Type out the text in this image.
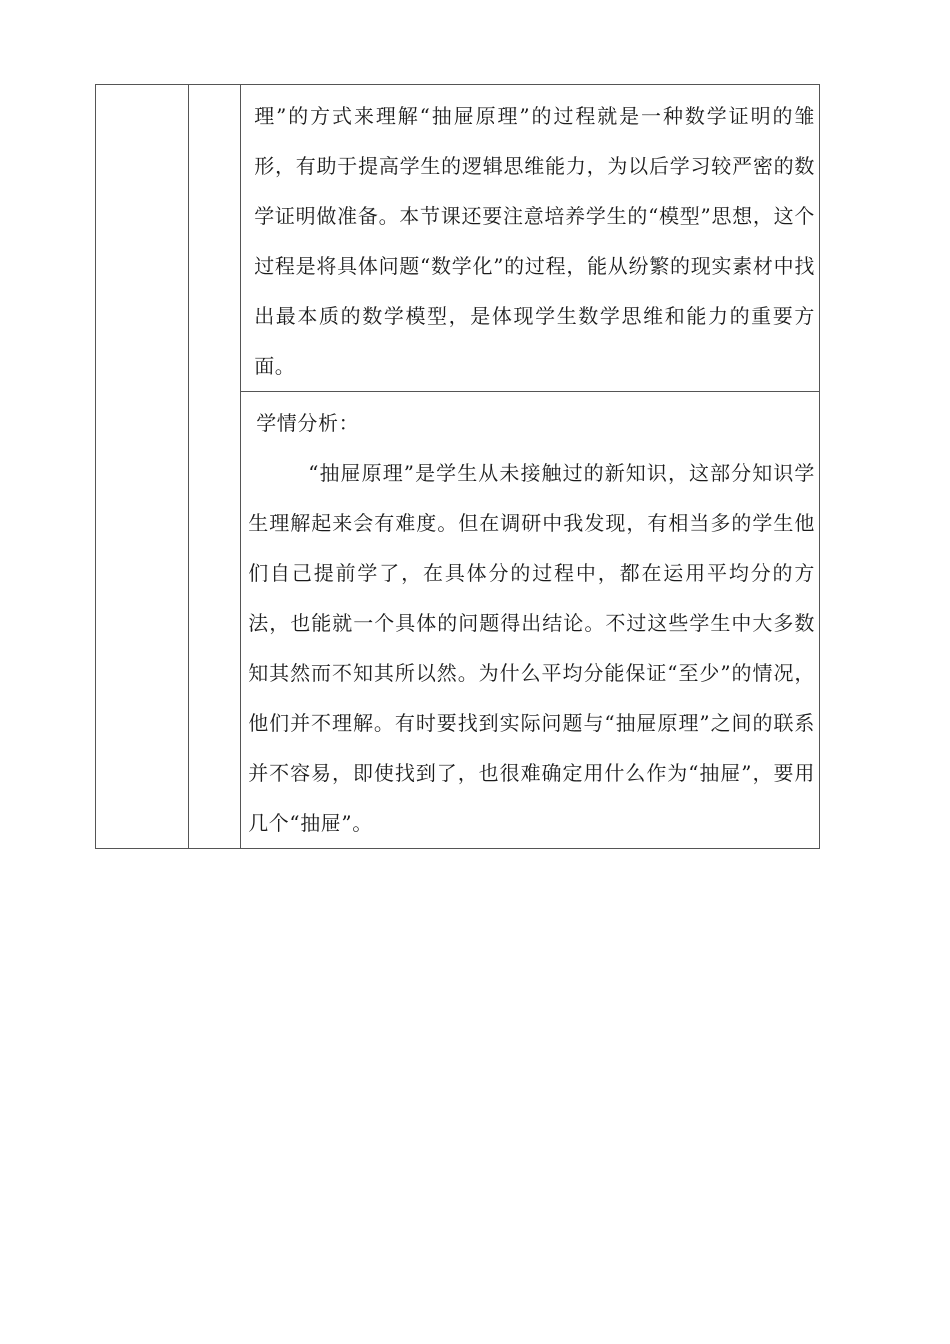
理”的方式来理解“抽屉原理”的过程就是一种数学证明的雏形，有助于提高学生的逻辑思维能力，为以后学习较严密的数学证明做准备。本节课还要注意培养学生的“模型”思想，这个过程是将具体问题“数学化”的过程，能从纷繁的现实素材中找出最本质的数学模型，是体现学生数学思维和能力的重要方面。

学情分析：

“抽屉原理”是学生从未接触过的新知识，这部分知识学生理解起来会有难度。但在调研中我发现，有相当多的学生他们自己提前学了，在具体分的过程中，都在运用平均分的方法，也能就一个具体的问题得出结论。不过这些学生中大多数知其然而不知其所以然。为什么平均分能保证“至少”的情况，他们并不理解。有时要找到实际问题与“抽屉原理”之间的联系并不容易，即使找到了，也很难确定用什么作为“抽屉”，要用几个“抽屉”。
